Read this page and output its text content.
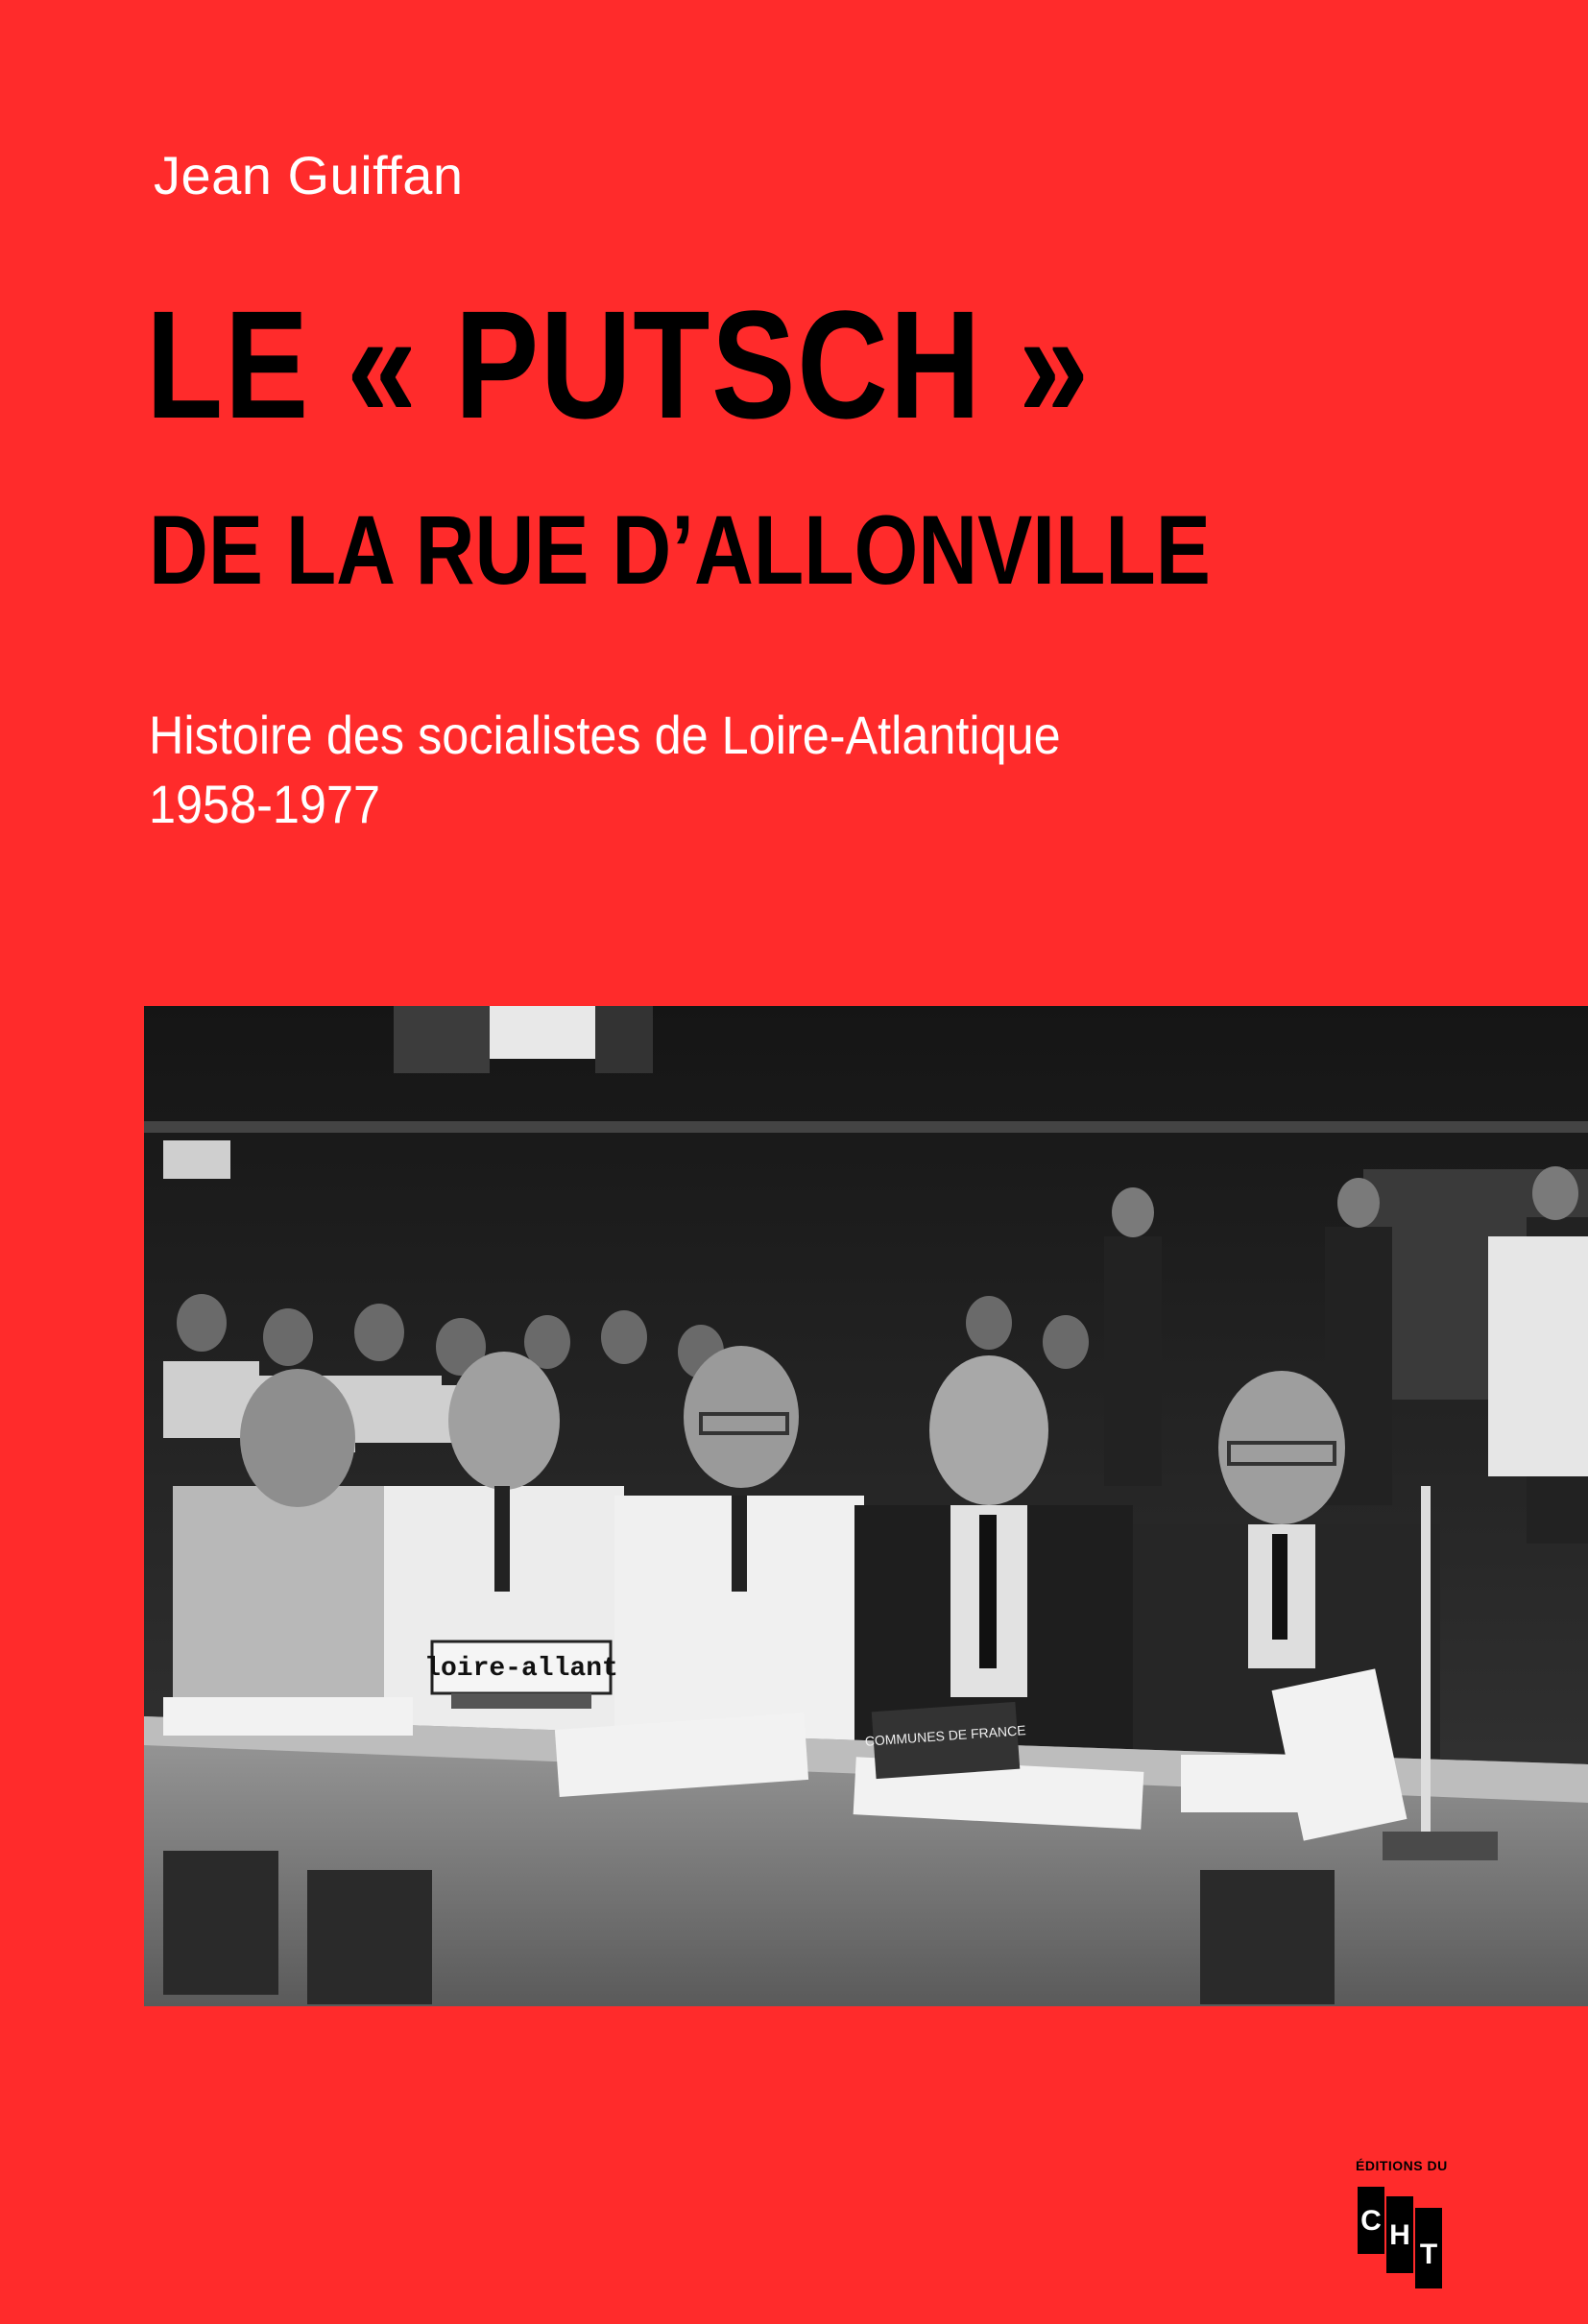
Jean Guiffan
LE « PUTSCH »
DE LA RUE D’ALLONVILLE
Histoire des socialistes de Loire-Atlantique
1958-1977
loire-allant
COMMUNES DE FRANCE
ÉDITIONS DU
C H
T
